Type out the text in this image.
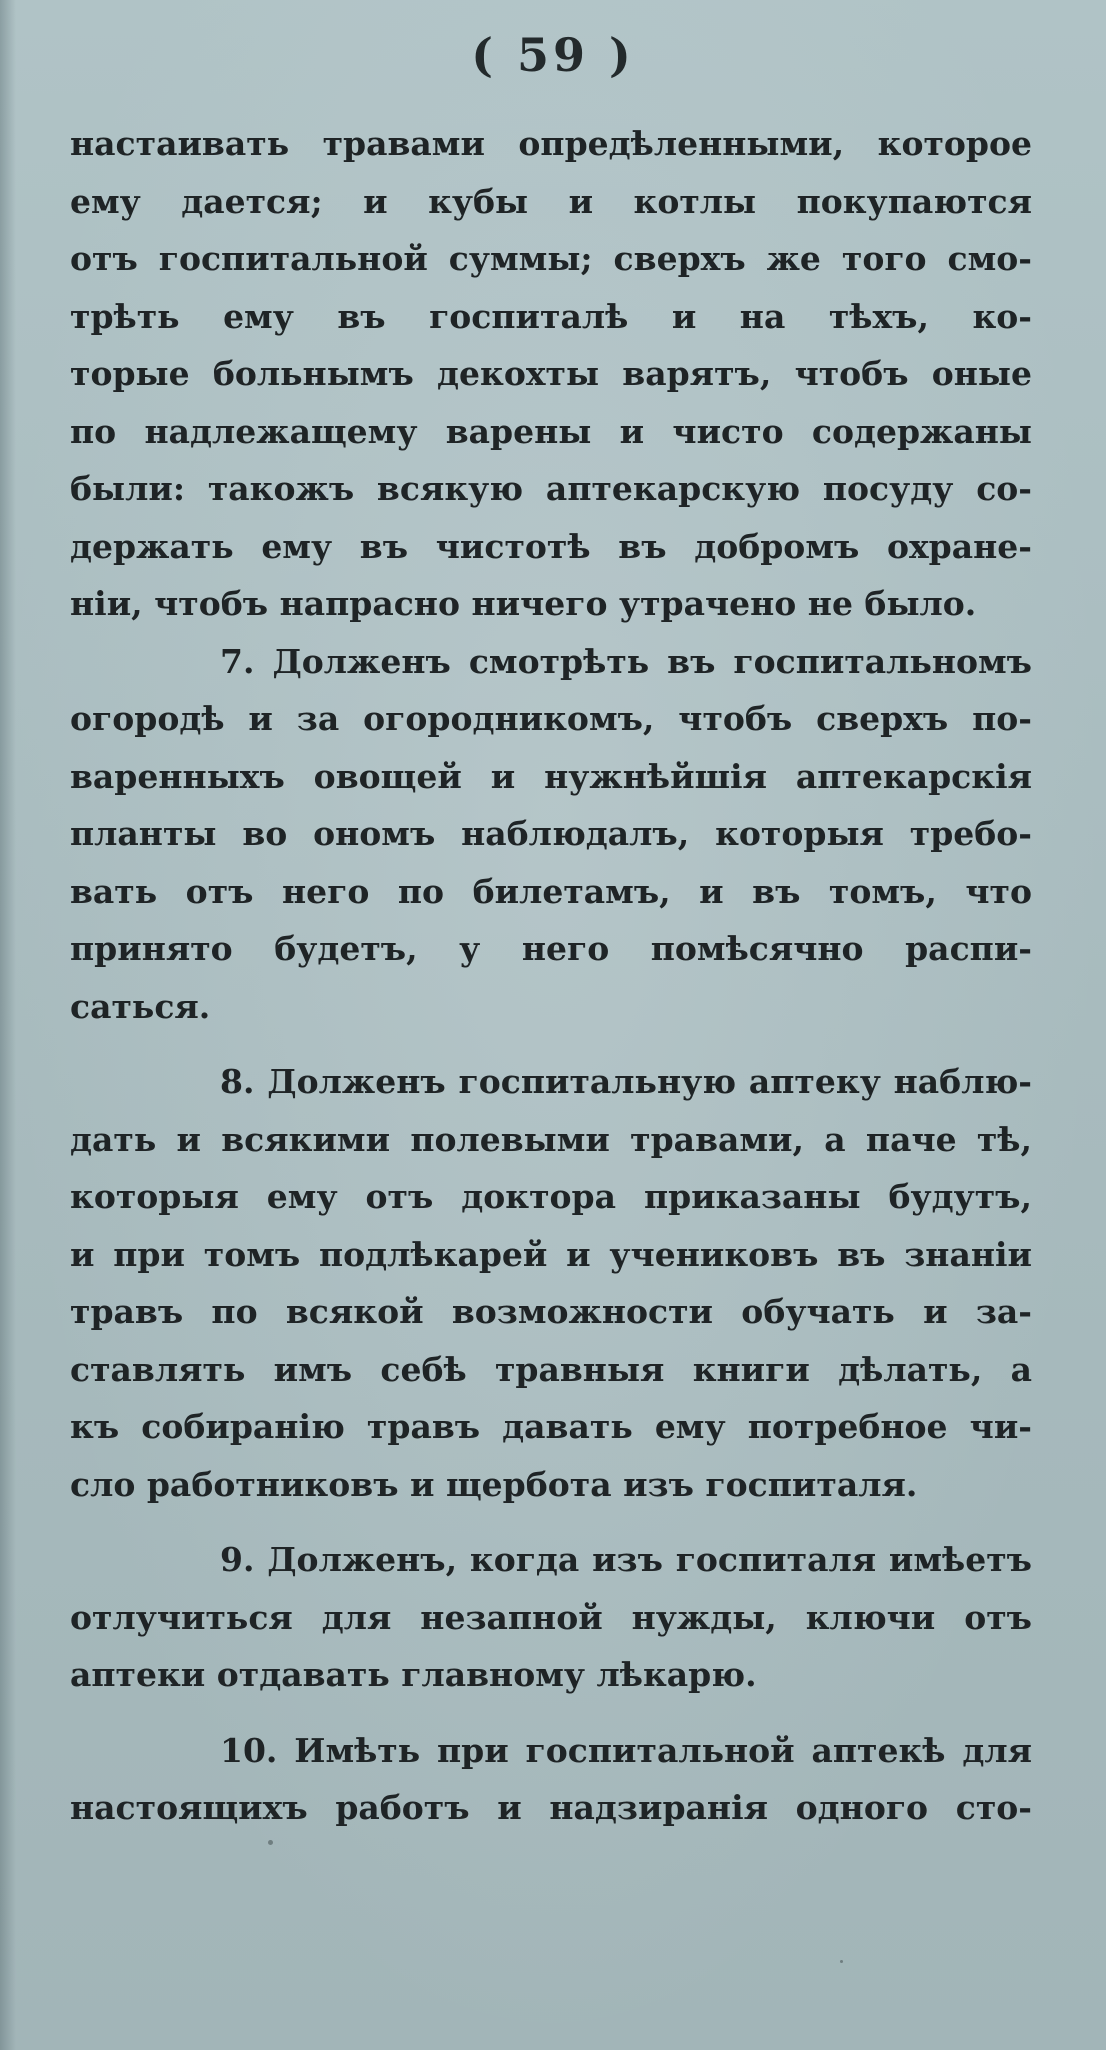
( 59 )
настаивать травами опредѣленными, которое
ему дается; и кубы и котлы покупаются
отъ госпитальной суммы; сверхъ же того смо-
трѣть ему въ госпиталѣ и на тѣхъ, ко-
торые больнымъ декохты варятъ, чтобъ оные
по надлежащему варены и чисто содержаны
были: такожъ всякую аптекарскую посуду со-
держать ему въ чистотѣ въ добромъ охране-
ніи, чтобъ напрасно ничего утрачено не было.
7. Долженъ смотрѣть въ госпитальномъ
огородѣ и за огородникомъ, чтобъ сверхъ по-
варенныхъ овощей и нужнѣйшія аптекарскія
планты во ономъ наблюдалъ, которыя требо-
вать отъ него по билетамъ, и въ томъ, что
принято будетъ, у него помѣсячно распи-
саться.
8. Долженъ госпитальную аптеку наблю-
дать и всякими полевыми травами, а паче тѣ,
которыя ему отъ доктора приказаны будутъ,
и при томъ подлѣкарей и учениковъ въ знаніи
травъ по всякой возможности обучать и за-
ставлять имъ себѣ травныя книги дѣлать, а
къ собиранію травъ давать ему потребное чи-
сло работниковъ и щербота изъ госпиталя.
9. Долженъ, когда изъ госпиталя имѣетъ
отлучиться для незапной нужды, ключи отъ
аптеки отдавать главному лѣкарю.
10. Имѣть при госпитальной аптекѣ для
настоящихъ работъ и надзиранія одного сто-
